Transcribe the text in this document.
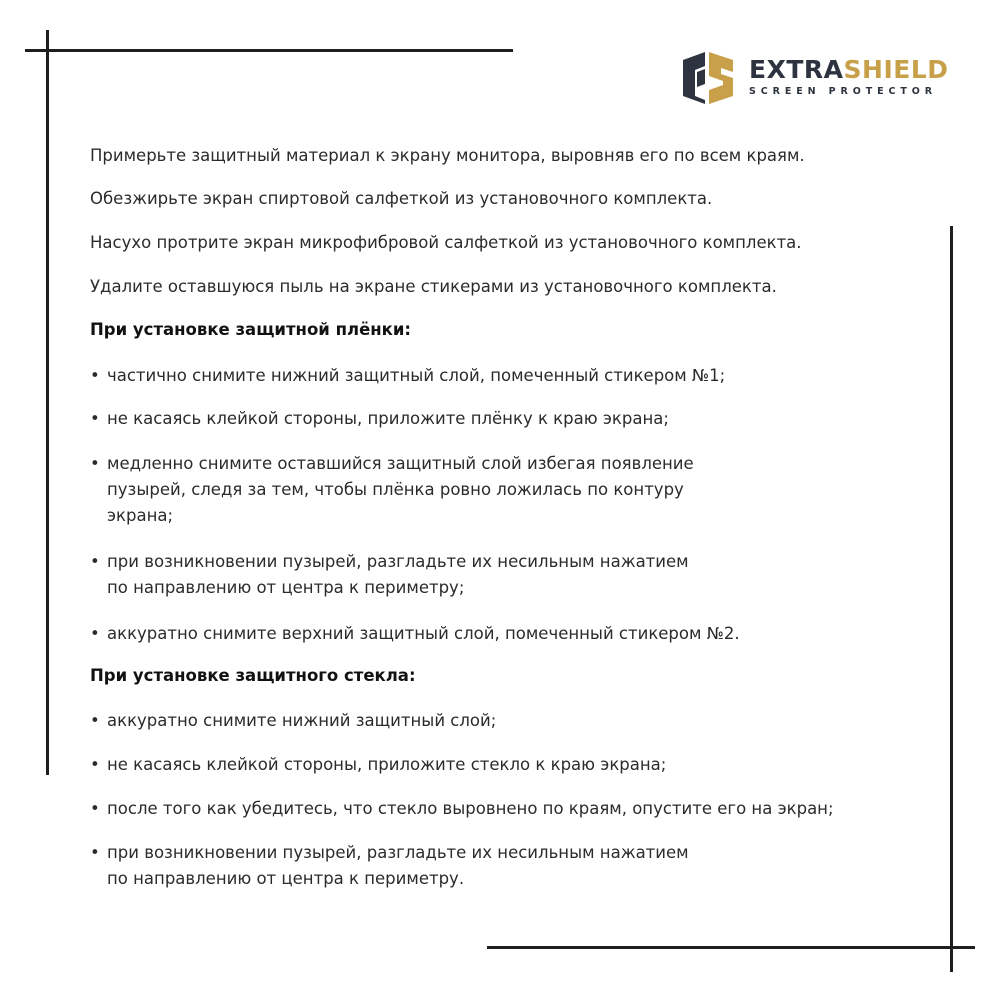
EXTRASHIELD
SCREEN PROTECTOR
Примерьте защитный материал к экрану монитора, выровняв его по всем краям.
Обезжирьте экран спиртовой салфеткой из установочного комплекта.
Насухо протрите экран микрофибровой салфеткой из установочного комплекта.
Удалите оставшуюся пыль на экране стикерами из установочного комплекта.
При установке защитной плёнки:
• частично снимите нижний защитный слой, помеченный стикером №1;
• не касаясь клейкой стороны, приложите плёнку к краю экрана;
• медленно снимите оставшийся защитный слой избегая появление
пузырей, следя за тем, чтобы плёнка ровно ложилась по контуру
экрана;
• при возникновении пузырей, разгладьте их несильным нажатием
по направлению от центра к периметру;
• аккуратно снимите верхний защитный слой, помеченный стикером №2.
При установке защитного стекла:
• аккуратно снимите нижний защитный слой;
• не касаясь клейкой стороны, приложите стекло к краю экрана;
• после того как убедитесь, что стекло выровнено по краям, опустите его на экран;
• при возникновении пузырей, разгладьте их несильным нажатием
по направлению от центра к периметру.
